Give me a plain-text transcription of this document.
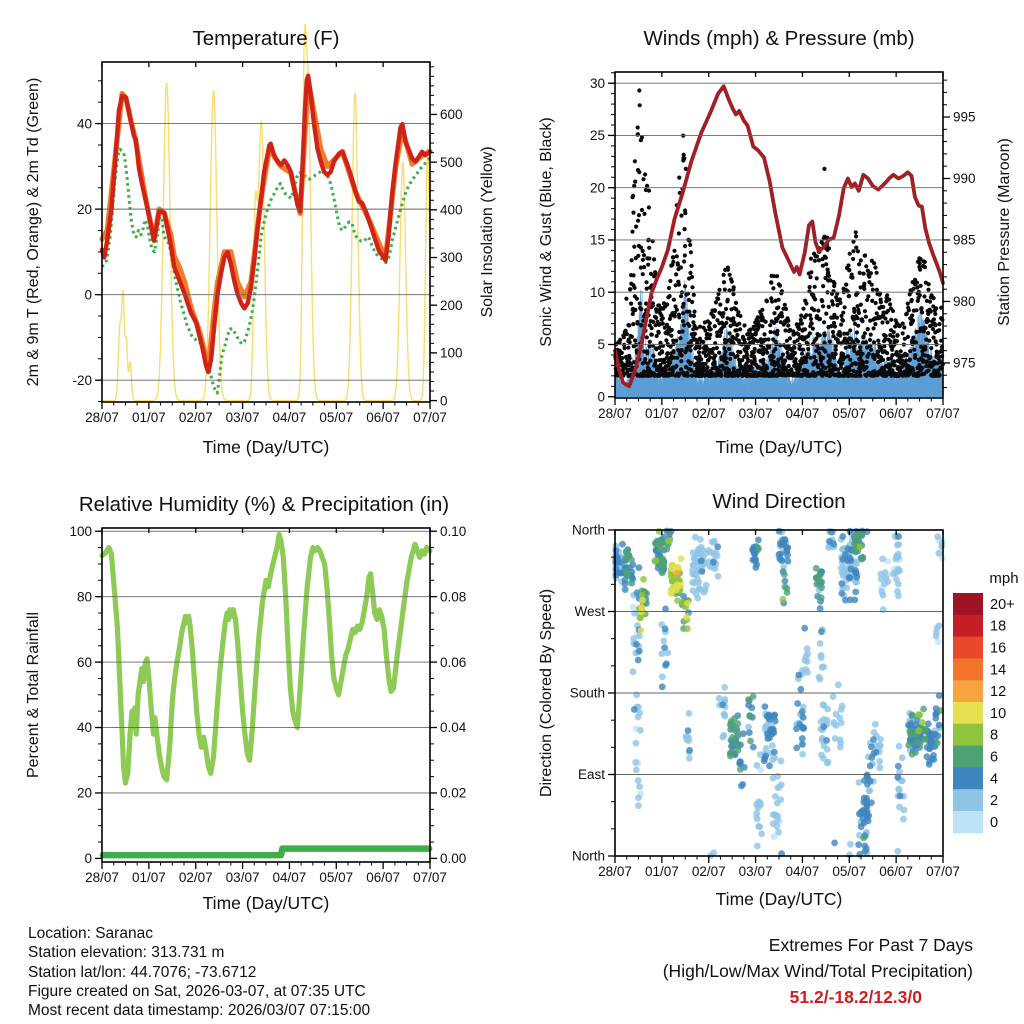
28/07 01/07 02/07 03/07 04/07 05/07 06/07 07/07
-20
0
20
40
0
100
200
300
400
500
600
28/07 01/07 02/07 03/07 04/07 05/07 06/07 07/07
0
5
10
15
20
25
30
975
980
985
990
995
28/07 01/07 02/07 03/07 04/07 05/07 06/07 07/07
0
20
40
60
80
100
0.00
0.02
0.04
0.06
0.08
0.10
28/07 01/07 02/07 03/07 04/07 05/07 06/07 07/07
North
West
South
East
North
20+
18
16
14
12
10
8
6
4
2
0
Temperature (F)	Winds (mph) & Pressure (mb)
Relative Humidity (%) & Precipitation (in)	Wind Direction
Time (Day/UTC)	Time (Day/UTC)
Time (Day/UTC)	Time (Day/UTC)
2m & 9m T (Red, Orange) & 2m Td (Green)	Solar Insolation (Yellow)	Sonic Wind & Gust (Blue, Black)	Station Pressure (Maroon)
Percent & Total Rainfall	Direction (Colored By Speed)
mph
Location: Saranac
Station elevation: 313.731 m
Station lat/lon: 44.7076; -73.6712
Figure created on Sat, 2026-03-07, at 07:35 UTC
Most recent data timestamp: 2026/03/07 07:15:00
Extremes For Past 7 Days
(High/Low/Max Wind/Total Precipitation)
51.2/-18.2/12.3/0
